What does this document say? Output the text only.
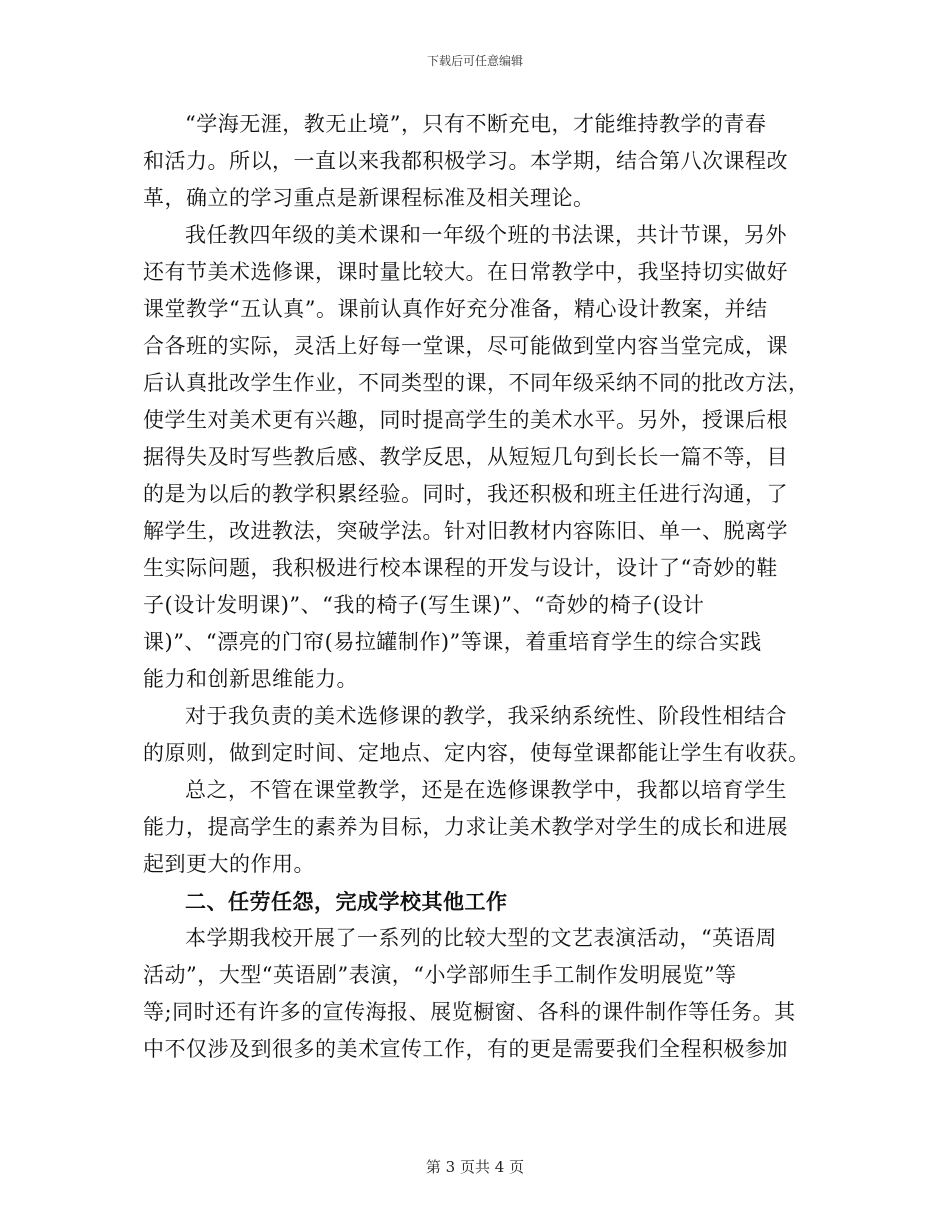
下载后可任意编辑
“学海无涯，教无止境”，只有不断充电，才能维持教学的青春
和活力。所以，一直以来我都积极学习。本学期，结合第八次课程改
革，确立的学习重点是新课程标准及相关理论。
我任教四年级的美术课和一年级个班的书法课，共计节课，另外
还有节美术选修课，课时量比较大。在日常教学中，我坚持切实做好
课堂教学“五认真”。课前认真作好充分准备，精心设计教案，并结
合各班的实际，灵活上好每一堂课，尽可能做到堂内容当堂完成，课
后认真批改学生作业，不同类型的课，不同年级采纳不同的批改方法，
使学生对美术更有兴趣，同时提高学生的美术水平。另外，授课后根
据得失及时写些教后感、教学反思，从短短几句到长长一篇不等，目
的是为以后的教学积累经验。同时，我还积极和班主任进行沟通，了
解学生，改进教法，突破学法。针对旧教材内容陈旧、单一、脱离学
生实际问题，我积极进行校本课程的开发与设计，设计了“奇妙的鞋
子(设计发明课)”、“我的椅子(写生课)”、“奇妙的椅子(设计
课)”、“漂亮的门帘(易拉罐制作)”等课，着重培育学生的综合实践
能力和创新思维能力。
对于我负责的美术选修课的教学，我采纳系统性、阶段性相结合
的原则，做到定时间、定地点、定内容，使每堂课都能让学生有收获。
总之，不管在课堂教学，还是在选修课教学中，我都以培育学生
能力，提高学生的素养为目标，力求让美术教学对学生的成长和进展
起到更大的作用。
二、任劳任怨，完成学校其他工作
本学期我校开展了一系列的比较大型的文艺表演活动，“英语周
活动”，大型“英语剧”表演，“小学部师生手工制作发明展览”等
等;同时还有许多的宣传海报、展览橱窗、各科的课件制作等任务。其
中不仅涉及到很多的美术宣传工作，有的更是需要我们全程积极参加
第 3 页共 4 页
